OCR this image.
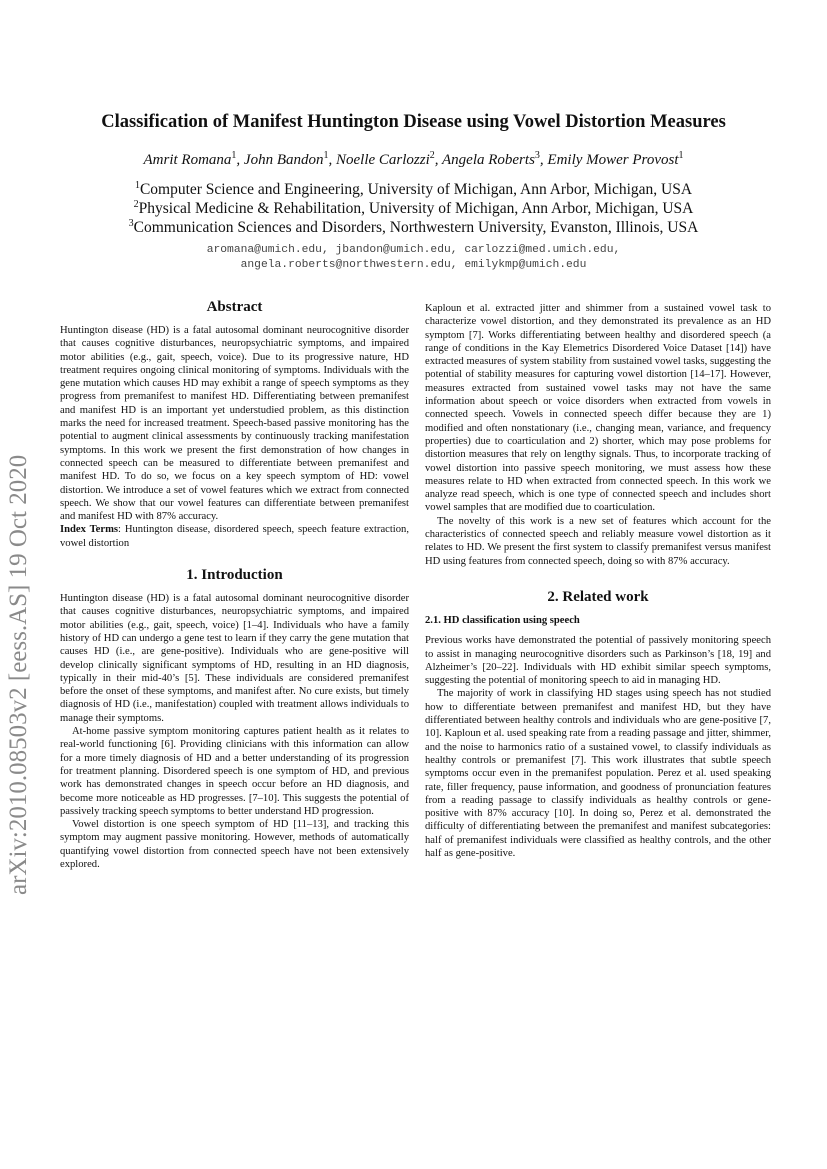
arXiv:2010.08503v2 [eess.AS] 19 Oct 2020
Classification of Manifest Huntington Disease using Vowel Distortion Measures
Amrit Romana$^1$, John Bandon$^1$, Noelle Carlozzi$^2$, Angela Roberts$^3$, Emily Mower Provost$^1$
$^1$Computer Science and Engineering, University of Michigan, Ann Arbor, Michigan, USA
$^2$Physical Medicine & Rehabilitation, University of Michigan, Ann Arbor, Michigan, USA
$^3$Communication Sciences and Disorders, Northwestern University, Evanston, Illinois, USA
aromana@umich.edu, jbandon@umich.edu, carlozzi@med.umich.edu,
angela.roberts@northwestern.edu, emilykmp@umich.edu
Abstract

Huntington disease (HD) is a fatal autosomal dominant neurocognitive disorder that causes cognitive disturbances, neuropsychiatric symptoms, and impaired motor abilities (e.g., gait, speech, voice). Due to its progressive nature, HD treatment requires ongoing clinical monitoring of symptoms. Individuals with the gene mutation which causes HD may exhibit a range of speech symptoms as they progress from premanifest to manifest HD. Differentiating between premanifest and manifest HD is an important yet understudied problem, as this distinction marks the need for increased treatment. Speech-based passive monitoring has the potential to augment clinical assessments by continuously tracking manifestation symptoms. In this work we present the first demonstration of how changes in connected speech can be measured to differentiate between premanifest and manifest HD. To do so, we focus on a key speech symptom of HD: vowel distortion. We introduce a set of vowel features which we extract from connected speech. We show that our vowel features can differentiate between premanifest and manifest HD with 87% accuracy.

Index Terms: Huntington disease, disordered speech, speech feature extraction, vowel distortion

1. Introduction

Huntington disease (HD) is a fatal autosomal dominant neurocognitive disorder that causes cognitive disturbances, neuropsychiatric symptoms, and impaired motor abilities (e.g., gait, speech, voice) [1–4]. Individuals who have a family history of HD can undergo a gene test to learn if they carry the gene mutation that causes HD (i.e., are gene-positive). Individuals who are gene-positive will develop clinically significant symptoms of HD, resulting in an HD diagnosis, typically in their mid-40’s [5]. These individuals are considered premanifest before the onset of these symptoms, and manifest after. No cure exists, but timely diagnosis of HD (i.e., manifestation) coupled with treatment allows individuals to manage their symptoms.

At-home passive symptom monitoring captures patient health as it relates to real-world functioning [6]. Providing clinicians with this information can allow for a more timely diagnosis of HD and a better understanding of its progression for treatment planning. Disordered speech is one symptom of HD, and previous work has demonstrated changes in speech occur before an HD diagnosis, and become more noticeable as HD progresses. [7–10]. This suggests the potential of passively tracking speech symptoms to better understand HD progression.

Vowel distortion is one speech symptom of HD [11–13], and tracking this symptom may augment passive monitoring. However, methods of automatically quantifying vowel distortion from connected speech have not been extensively explored.

Kaploun et al. extracted jitter and shimmer from a sustained vowel task to characterize vowel distortion, and they demonstrated its prevalence as an HD symptom [7]. Works differentiating between healthy and disordered speech (a range of conditions in the Kay Elemetrics Disordered Voice Dataset [14]) have extracted measures of system stability from sustained vowel tasks, suggesting the potential of stability measures for capturing vowel distortion [14–17]. However, measures extracted from sustained vowel tasks may not have the same information about speech or voice disorders when extracted from vowels in connected speech. Vowels in connected speech differ because they are 1) modified and often nonstationary (i.e., changing mean, variance, and frequency properties) due to coarticulation and 2) shorter, which may pose problems for distortion measures that rely on lengthy signals. Thus, to incorporate tracking of vowel distortion into passive speech monitoring, we must assess how these measures relate to HD when extracted from connected speech. In this work we analyze read speech, which is one type of connected speech and includes short vowel samples that are modified due to coarticulation.

The novelty of this work is a new set of features which account for the characteristics of connected speech and reliably measure vowel distortion as it relates to HD. We present the first system to classify premanifest versus manifest HD using features from connected speech, doing so with 87% accuracy.

2. Related work
2.1. HD classification using speech

Previous works have demonstrated the potential of passively monitoring speech to assist in managing neurocognitive disorders such as Parkinson’s [18, 19] and Alzheimer’s [20–22]. Individuals with HD exhibit similar speech symptoms, suggesting the potential of monitoring speech to aid in managing HD.

The majority of work in classifying HD stages using speech has not studied how to differentiate between premanifest and manifest HD, but they have differentiated between healthy controls and individuals who are gene-positive [7, 10]. Kaploun et al. used speaking rate from a reading passage and jitter, shimmer, and the noise to harmonics ratio of a sustained vowel, to classify individuals as healthy controls or premanifest [7]. This work illustrates that subtle speech symptoms occur even in the premanifest population. Perez et al. used speaking rate, filler frequency, pause information, and goodness of pronunciation features from a reading passage to classify individuals as healthy controls or gene-positive with 87% accuracy [10]. In doing so, Perez et al. demonstrated the difficulty of differentiating between the premanifest and manifest subcategories: half of premanifest individuals were classified as healthy controls, and the other half as gene-positive.
